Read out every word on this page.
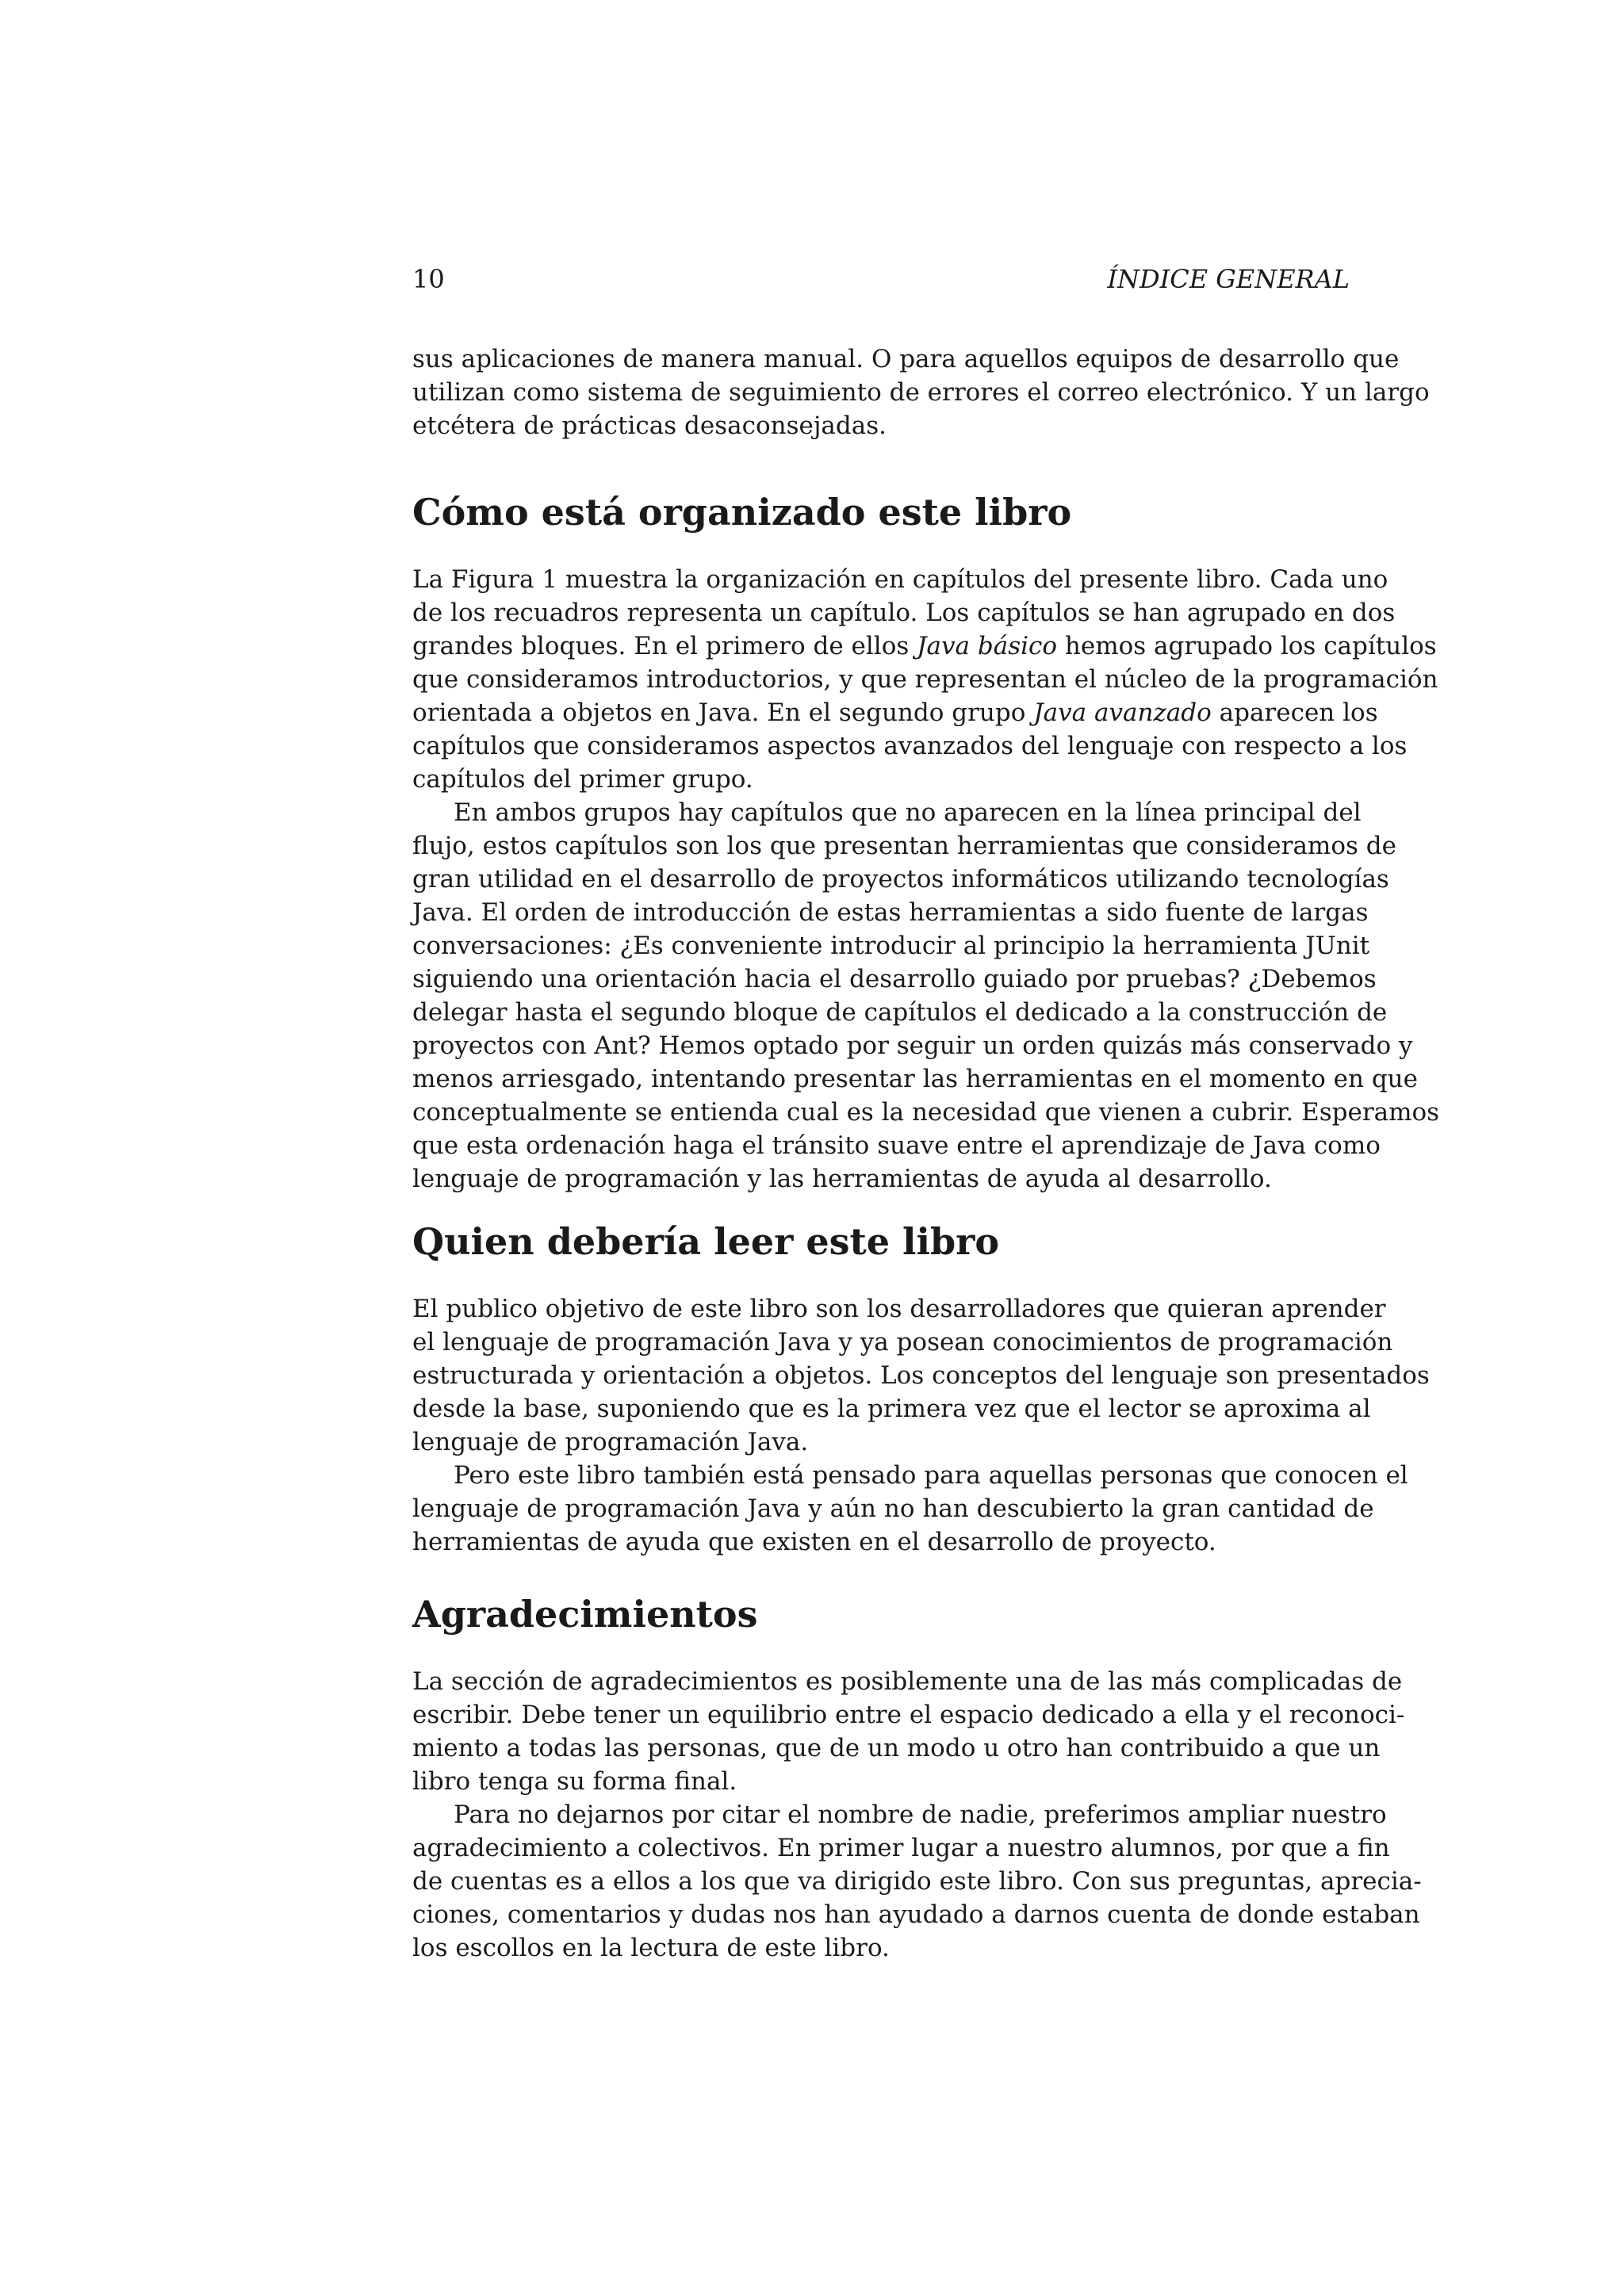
10	ÍNDICE GENERAL
sus aplicaciones de manera manual. O para aquellos equipos de desarrollo que
utilizan como sistema de seguimiento de errores el correo electrónico. Y un largo
etcétera de prácticas desaconsejadas.
Cómo está organizado este libro
La Figura 1 muestra la organización en capítulos del presente libro. Cada uno
de los recuadros representa un capítulo. Los capítulos se han agrupado en dos
grandes bloques. En el primero de ellos Java básico hemos agrupado los capítulos
que consideramos introductorios, y que representan el núcleo de la programación
orientada a objetos en Java. En el segundo grupo Java avanzado aparecen los
capítulos que consideramos aspectos avanzados del lenguaje con respecto a los
capítulos del primer grupo.
En ambos grupos hay capítulos que no aparecen en la línea principal del
flujo, estos capítulos son los que presentan herramientas que consideramos de
gran utilidad en el desarrollo de proyectos informáticos utilizando tecnologías
Java. El orden de introducción de estas herramientas a sido fuente de largas
conversaciones: ¿Es conveniente introducir al principio la herramienta JUnit
siguiendo una orientación hacia el desarrollo guiado por pruebas? ¿Debemos
delegar hasta el segundo bloque de capítulos el dedicado a la construcción de
proyectos con Ant? Hemos optado por seguir un orden quizás más conservado y
menos arriesgado, intentando presentar las herramientas en el momento en que
conceptualmente se entienda cual es la necesidad que vienen a cubrir. Esperamos
que esta ordenación haga el tránsito suave entre el aprendizaje de Java como
lenguaje de programación y las herramientas de ayuda al desarrollo.
Quien debería leer este libro
El publico objetivo de este libro son los desarrolladores que quieran aprender
el lenguaje de programación Java y ya posean conocimientos de programación
estructurada y orientación a objetos. Los conceptos del lenguaje son presentados
desde la base, suponiendo que es la primera vez que el lector se aproxima al
lenguaje de programación Java.
Pero este libro también está pensado para aquellas personas que conocen el
lenguaje de programación Java y aún no han descubierto la gran cantidad de
herramientas de ayuda que existen en el desarrollo de proyecto.
Agradecimientos
La sección de agradecimientos es posiblemente una de las más complicadas de
escribir. Debe tener un equilibrio entre el espacio dedicado a ella y el reconoci-
miento a todas las personas, que de un modo u otro han contribuido a que un
libro tenga su forma final.
Para no dejarnos por citar el nombre de nadie, preferimos ampliar nuestro
agradecimiento a colectivos. En primer lugar a nuestro alumnos, por que a fin
de cuentas es a ellos a los que va dirigido este libro. Con sus preguntas, aprecia-
ciones, comentarios y dudas nos han ayudado a darnos cuenta de donde estaban
los escollos en la lectura de este libro.
